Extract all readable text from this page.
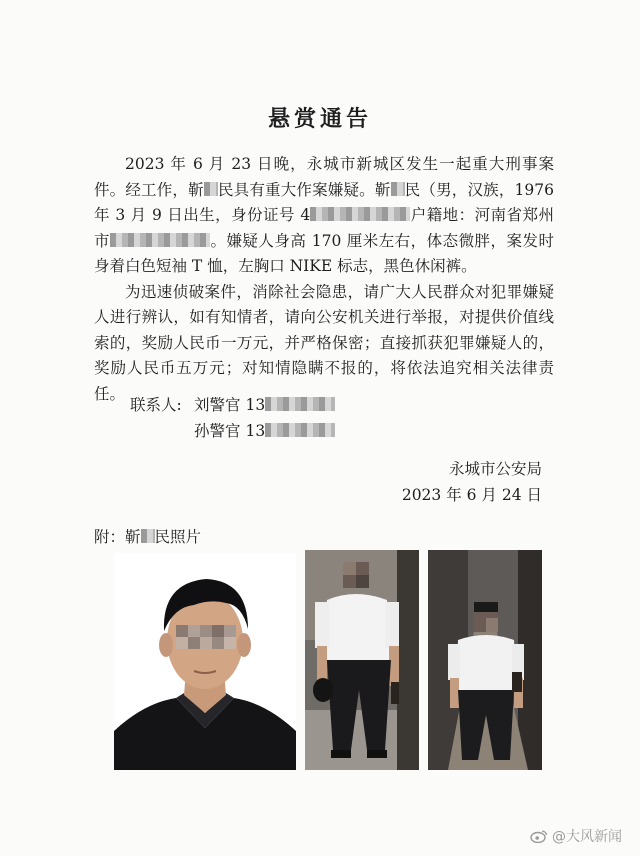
悬赏通告

2023 年 6 月 23 日晚，永城市新城区发生一起重大刑事案件。经工作，靳 民具有重大作案嫌疑。靳 民（男，汉族，1976 年 3 月 9 日出生，身份证号 4	户籍地：河南省郑州市	。嫌疑人身高 170 厘米左右，体态微胖，案发时身着白色短袖 T 恤，左胸口 NIKE 标志，黑色休闲裤。

为迅速侦破案件，消除社会隐患，请广大人民群众对犯罪嫌疑人进行辨认，如有知情者，请向公安机关进行举报，对提供价值线索的，奖励人民币一万元，并严格保密；直接抓获犯罪嫌疑人的，奖励人民币五万元；对知情隐瞒不报的，将依法追究相关法律责任。

联系人: 刘警官 13
孙警官 13
永城市公安局
2023 年 6 月 24 日
附：靳 民照片
@大风新闻
